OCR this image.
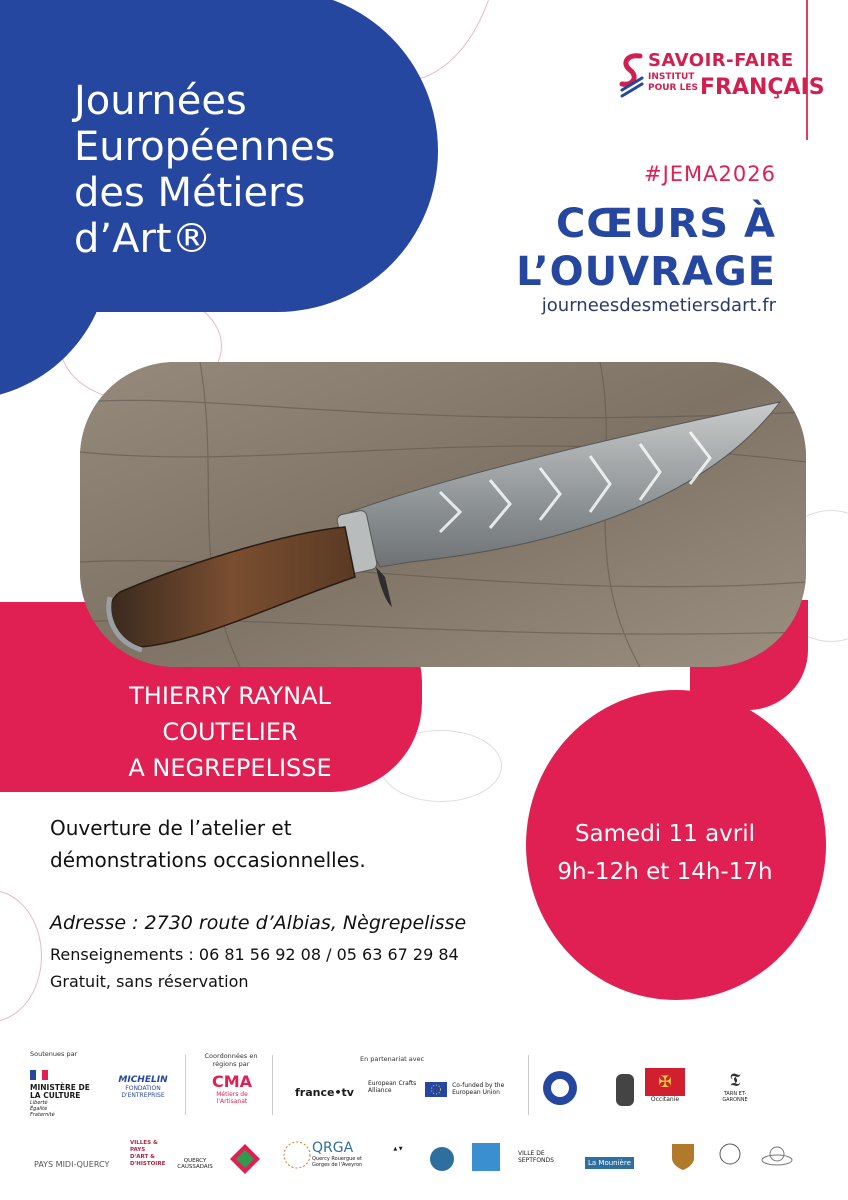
Journées
Européennes
des Métiers
d’Art®
SAVOIR-FAIRE
INSTITUT
POUR LES FRANÇAIS
#JEMA2026
CŒURS À
L’OUVRAGE
journeesdesmetiersdart.fr
THIERRY RAYNAL
COUTELIER
A NEGREPELISSE
Ouverture de l’atelier et
démonstrations occasionnelles.
Samedi 11 avril
9h-12h et 14h-17h
Adresse : 2730 route d’Albias, Nègrepelisse
Renseignements : 06 81 56 92 08 / 05 63 67 29 84
Gratuit, sans réservation
Soutenues par	Coordonnées en régions par
En partenariat avec
MINISTÈRE DE LA CULTURE
Liberté Égalité Fraternité
MICHELIN
FONDATION D'ENTREPRISE
CMA
Métiers de l'Artisanat
france•tv
European Crafts Alliance
Co-funded by the European Union
✠
Occitanie
𝕿
TARN ET-GARONNE
PAYS MIDI-QUERCY
VILLES & PAYS D'ART & D'HISTOIRE	QUERCY CAUSSADAIS
QRGA
Quercy Rouergue et Gorges de l'Aveyron
▲ ▼
VILLE DE SEPTFONDS	La Mounière
